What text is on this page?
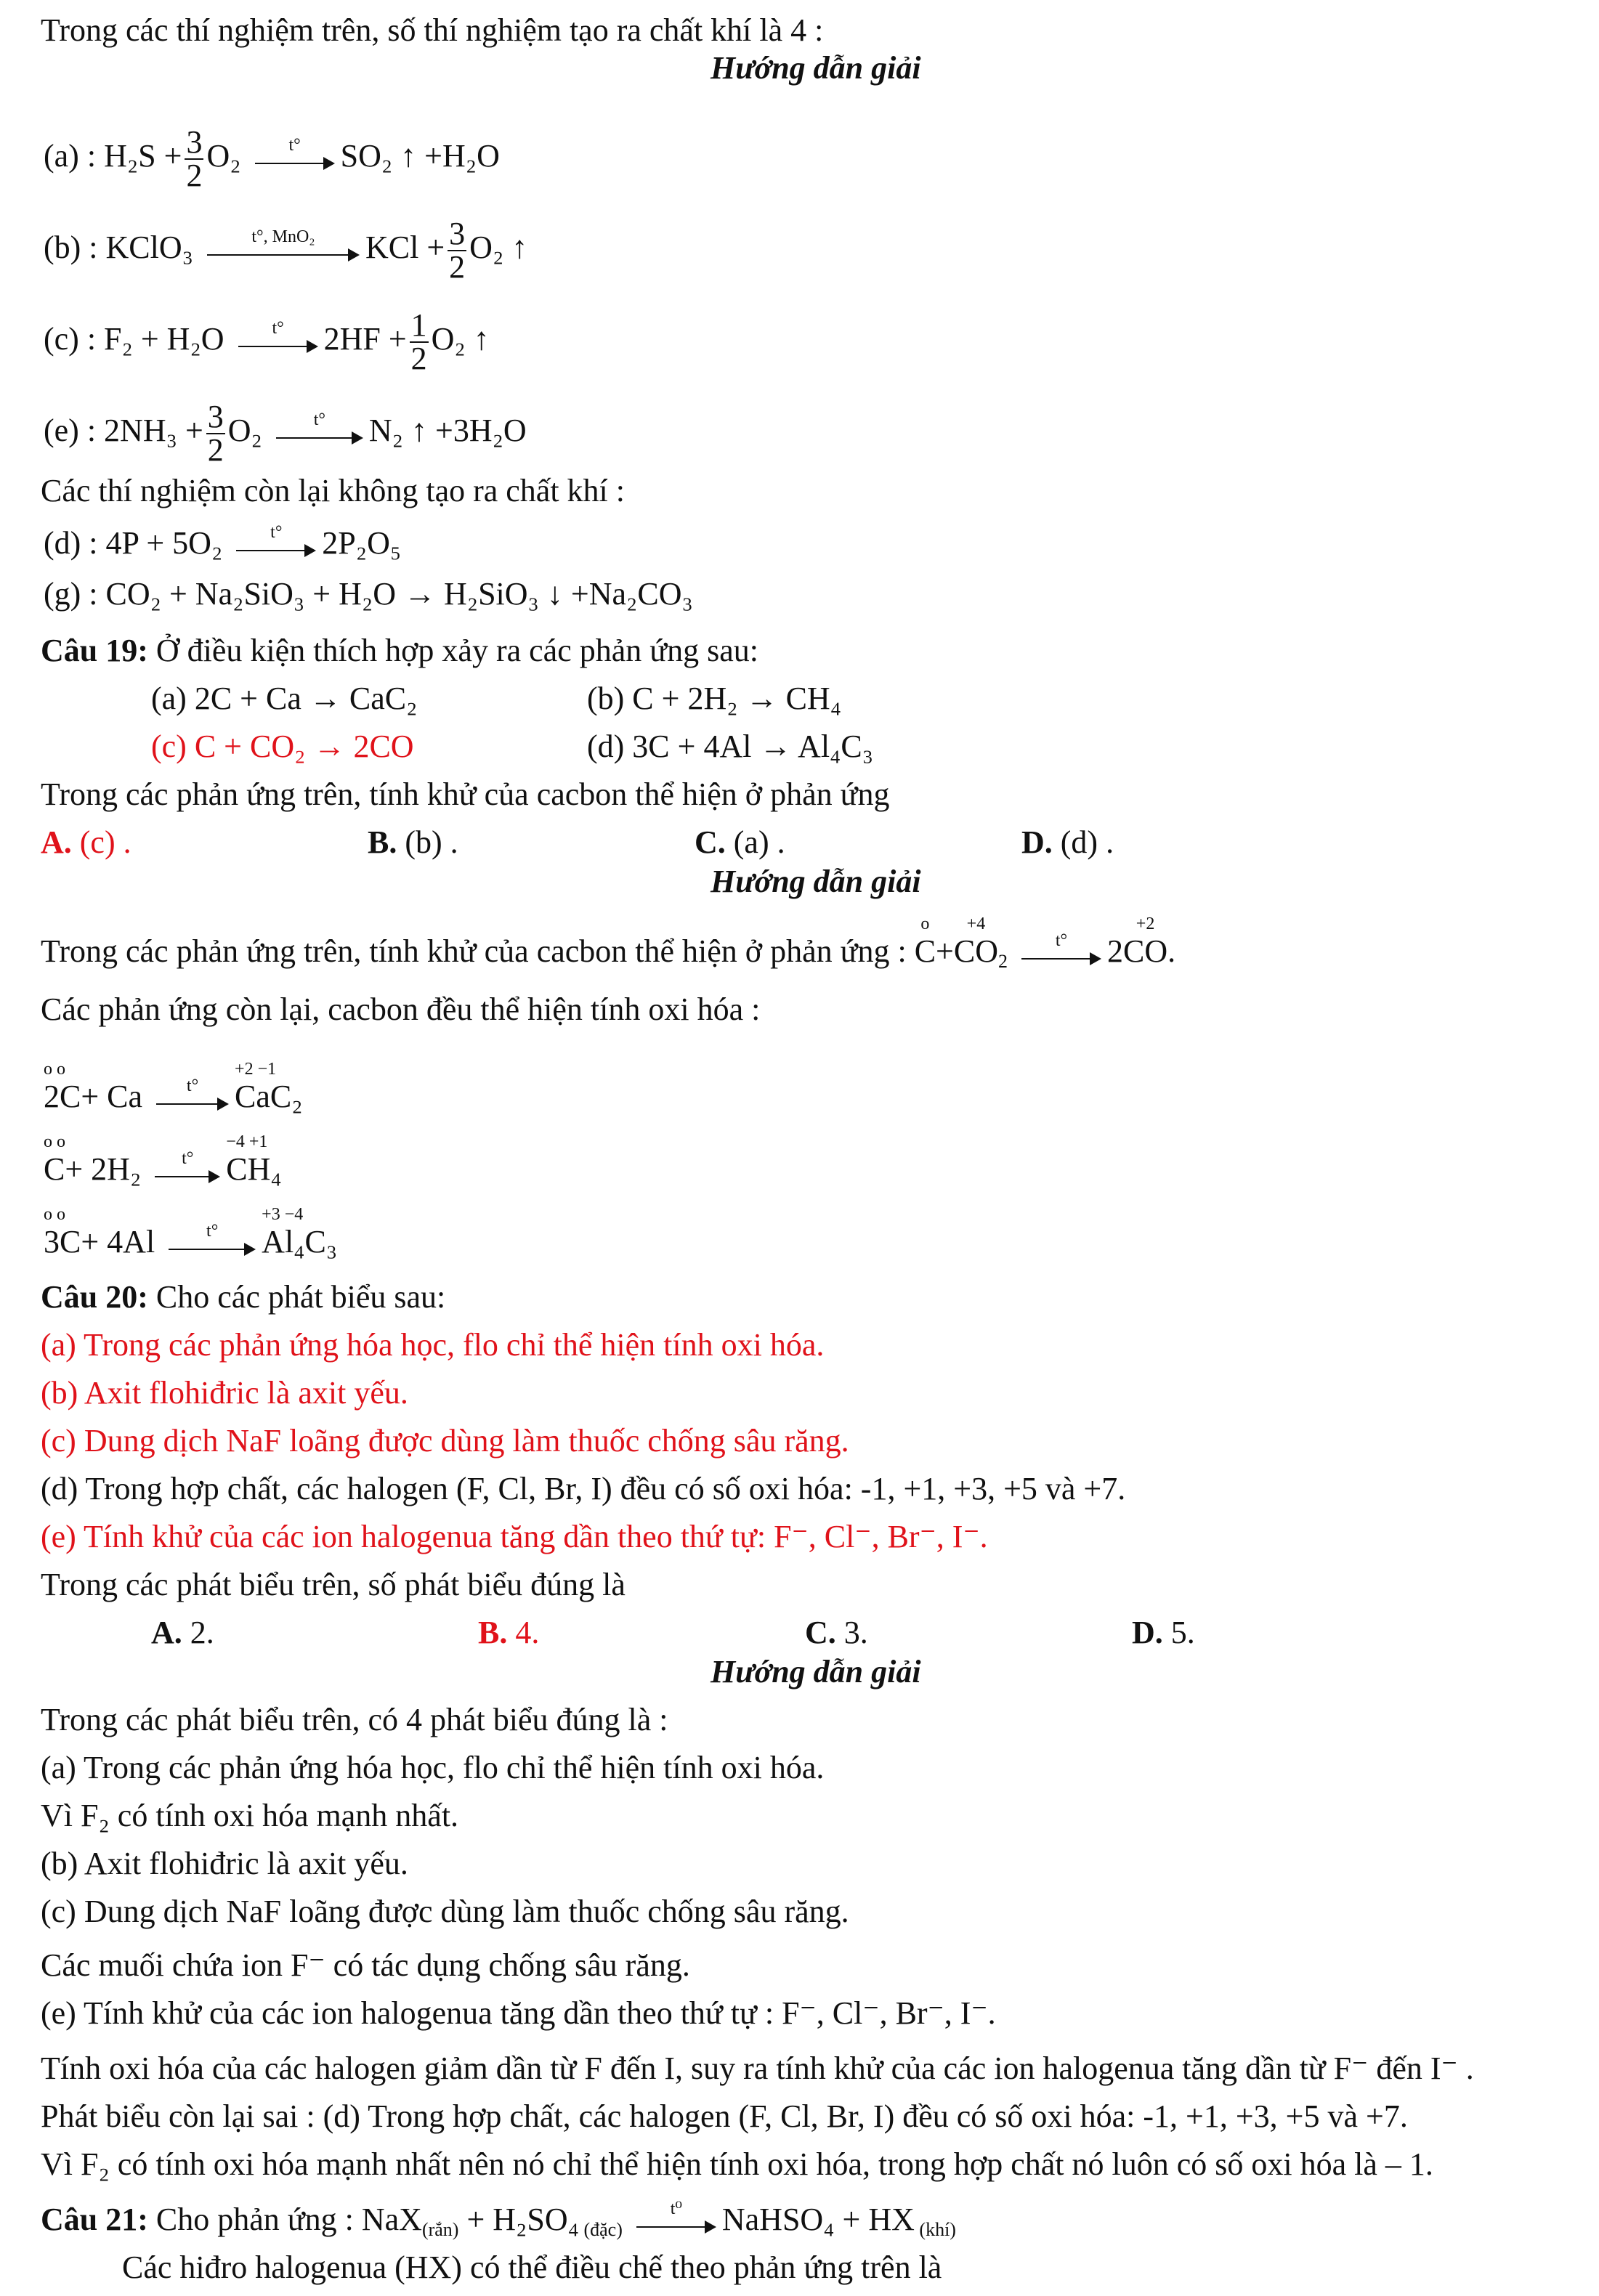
Trong các thí nghiệm trên, số thí nghiệm tạo ra chất khí là 4 :
Hướng dẫn giải
(a) : $H_2S + \frac{3}{2} O_2$	t°	SO₂ ↑ +H₂O
(b) : KClO₃	t°, MnO₂	KCl + $\frac{3}{2} O_2$ ↑
(c) : F₂ + H₂O	t°	$2HF + \frac{1}{2} O_2$ ↑
(e) : $2NH_3 + \frac{3}{2} O_2$	t°	N₂ ↑ +3H₂O
Các thí nghiệm còn lại không tạo ra chất khí :
(d) : 4P + 5O₂	t°	2P₂O₅
(g) : CO₂ + Na₂SiO₃ + H₂O → H₂SiO₃ ↓ +Na₂CO₃
Câu 19: Ở điều kiện thích hợp xảy ra các phản ứng sau:
(a) 2C + Ca → CaC₂	(b) C + 2H₂ → CH₄
(c) C + CO₂ → 2CO	(d) 3C + 4Al → Al₄C₃
Trong các phản ứng trên, tính khử của cacbon thể hiện ở phản ứng
A. (c) .	B. (b) .	C. (a) .	D. (d) .
Hướng dẫn giải
Trong các phản ứng trên, tính khử của cacbon thể hiện ở phản ứng :
o
C+
+4
$CO_2$
t°	2
+2
CO.
Các phản ứng còn lại, cacbon đều thể hiện tính oxi hóa :
o o
2C+ Ca	t°
+2 −1
CaC₂
o o
C+ 2H₂	t°
−4 +1
CH₄
o o
3C+ 4Al	t°
+3 −4
Al₄C₃
Câu 20: Cho các phát biểu sau:
(a) Trong các phản ứng hóa học, flo chỉ thể hiện tính oxi hóa.
(b) Axit flohiđric là axit yếu.
(c) Dung dịch NaF loãng được dùng làm thuốc chống sâu răng.
(d) Trong hợp chất, các halogen (F, Cl, Br, I) đều có số oxi hóa: -1, +1, +3, +5 và +7.
(e) Tính khử của các ion halogenua tăng dần theo thứ tự: F⁻, Cl⁻, Br⁻, I⁻.
Trong các phát biểu trên, số phát biểu đúng là
A. 2.	B. 4.	C. 3.	D. 5.
Hướng dẫn giải
Trong các phát biểu trên, có 4 phát biểu đúng là :
(a) Trong các phản ứng hóa học, flo chỉ thể hiện tính oxi hóa.
Vì F₂ có tính oxi hóa mạnh nhất.
(b) Axit flohiđric là axit yếu.
(c) Dung dịch NaF loãng được dùng làm thuốc chống sâu răng.
Các muối chứa ion F⁻ có tác dụng chống sâu răng.
(e) Tính khử của các ion halogenua tăng dần theo thứ tự : F⁻, Cl⁻, Br⁻, I⁻.
Tính oxi hóa của các halogen giảm dần từ F đến I, suy ra tính khử của các ion halogenua tăng dần từ F⁻ đến I⁻ .
Phát biểu còn lại sai : (d) Trong hợp chất, các halogen (F, Cl, Br, I) đều có số oxi hóa: -1, +1, +3, +5 và +7.
Vì F₂ có tính oxi hóa mạnh nhất nên nó chỉ thể hiện tính oxi hóa, trong hợp chất nó luôn có số oxi hóa là – 1.
Câu 21: Cho phản ứng : NaX$_{(rắn)}$ + H₂SO₄ $_{(đặc)}$
t⁰	NaHSO₄ + HX $_{(khí)}$
Các hiđro halogenua (HX) có thể điều chế theo phản ứng trên là
